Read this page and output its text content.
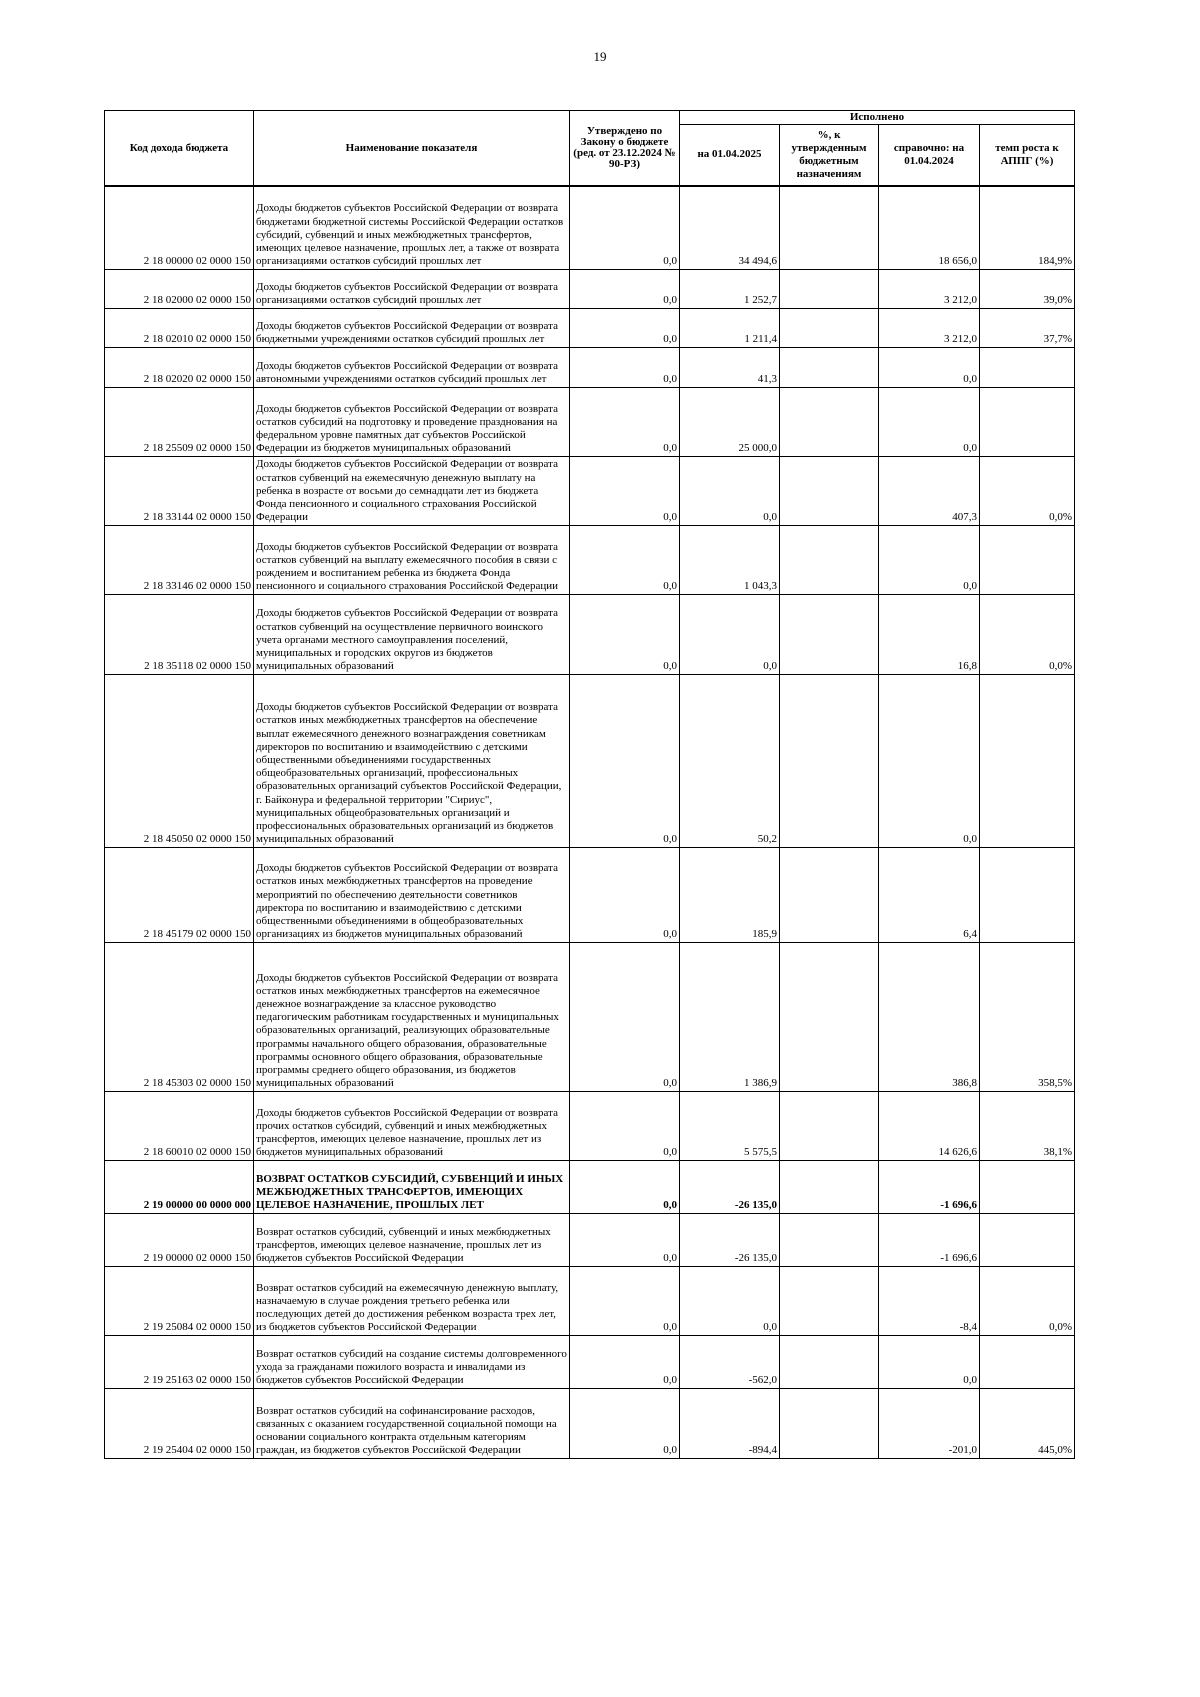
19
Код дохода бюджета	Наименование показателя	Утверждено по Закону о бюджете (ред. от 23.12.2024 № 90-РЗ)	Исполнено			
			на 01.04.2025	%, к утвержденным бюджетным назначениям	справочно: на 01.04.2024	темп роста к АППГ (%)
2 18 00000 02 0000 150	Доходы бюджетов субъектов Российской Федерации от возврата бюджетами бюджетной системы Российской Федерации остатков субсидий, субвенций и иных межбюджетных трансфертов, имеющих целевое назначение, прошлых лет, а также от возврата организациями остатков субсидий прошлых лет	0,0	34 494,6		18 656,0	184,9%
2 18 02000 02 0000 150	Доходы бюджетов субъектов Российской Федерации от возврата организациями остатков субсидий прошлых лет	0,0	1 252,7		3 212,0	39,0%
2 18 02010 02 0000 150	Доходы бюджетов субъектов Российской Федерации от возврата бюджетными учреждениями остатков субсидий прошлых лет	0,0	1 211,4		3 212,0	37,7%
2 18 02020 02 0000 150	Доходы бюджетов субъектов Российской Федерации от возврата автономными учреждениями остатков субсидий прошлых лет	0,0	41,3		0,0	
2 18 25509 02 0000 150	Доходы бюджетов субъектов Российской Федерации от возврата остатков субсидий на подготовку и проведение празднования на федеральном уровне памятных дат субъектов Российской Федерации из бюджетов муниципальных образований	0,0	25 000,0		0,0	
2 18 33144 02 0000 150	Доходы бюджетов субъектов Российской Федерации от возврата остатков субвенций на ежемесячную денежную выплату на ребенка в возрасте от восьми до семнадцати лет из бюджета Фонда пенсионного и социального страхования Российской Федерации	0,0	0,0		407,3	0,0%
2 18 33146 02 0000 150	Доходы бюджетов субъектов Российской Федерации от возврата остатков субвенций на выплату ежемесячного пособия в связи с рождением и воспитанием ребенка из бюджета Фонда пенсионного и социального страхования Российской Федерации	0,0	1 043,3		0,0	
2 18 35118 02 0000 150	Доходы бюджетов субъектов Российской Федерации от возврата остатков субвенций на осуществление первичного воинского учета органами местного самоуправления поселений, муниципальных и городских округов из бюджетов муниципальных образований	0,0	0,0		16,8	0,0%
2 18 45050 02 0000 150	Доходы бюджетов субъектов Российской Федерации от возврата остатков иных межбюджетных трансфертов на обеспечение выплат ежемесячного денежного вознаграждения советникам директоров по воспитанию и взаимодействию с детскими общественными объединениями государственных общеобразовательных организаций, профессиональных образовательных организаций субъектов Российской Федерации, г. Байконура и федеральной территории "Сириус", муниципальных общеобразовательных организаций и профессиональных образовательных организаций из бюджетов муниципальных образований	0,0	50,2		0,0	
2 18 45179 02 0000 150	Доходы бюджетов субъектов Российской Федерации от возврата остатков иных межбюджетных трансфертов на проведение мероприятий по обеспечению деятельности советников директора по воспитанию и взаимодействию с детскими общественными объединениями в общеобразовательных организациях из бюджетов муниципальных образований	0,0	185,9		6,4	
2 18 45303 02 0000 150	Доходы бюджетов субъектов Российской Федерации от возврата остатков иных межбюджетных трансфертов на ежемесячное денежное вознаграждение за классное руководство педагогическим работникам государственных и муниципальных образовательных организаций, реализующих образовательные программы начального общего образования, образовательные программы основного общего образования, образовательные программы среднего общего образования, из бюджетов муниципальных образований	0,0	1 386,9		386,8	358,5%
2 18 60010 02 0000 150	Доходы бюджетов субъектов Российской Федерации от возврата прочих остатков субсидий, субвенций и иных межбюджетных трансфертов, имеющих целевое назначение, прошлых лет из бюджетов муниципальных образований	0,0	5 575,5		14 626,6	38,1%
2 19 00000 00 0000 000	ВОЗВРАТ ОСТАТКОВ СУБСИДИЙ, СУБВЕНЦИЙ И ИНЫХ МЕЖБЮДЖЕТНЫХ ТРАНСФЕРТОВ, ИМЕЮЩИХ ЦЕЛЕВОЕ НАЗНАЧЕНИЕ, ПРОШЛЫХ ЛЕТ	0,0	-26 135,0		-1 696,6	
2 19 00000 02 0000 150	Возврат остатков субсидий, субвенций и иных межбюджетных трансфертов, имеющих целевое назначение, прошлых лет из бюджетов субъектов Российской Федерации	0,0	-26 135,0		-1 696,6	
2 19 25084 02 0000 150	Возврат остатков субсидий на ежемесячную денежную выплату, назначаемую в случае рождения третьего ребенка или последующих детей до достижения ребенком возраста трех лет, из бюджетов субъектов Российской Федерации	0,0	0,0		-8,4	0,0%
2 19 25163 02 0000 150	Возврат остатков субсидий на создание системы долговременного ухода за гражданами пожилого возраста и инвалидами из бюджетов субъектов Российской Федерации	0,0	-562,0		0,0	
2 19 25404 02 0000 150	Возврат остатков субсидий на софинансирование расходов, связанных с оказанием государственной социальной помощи на основании социального контракта отдельным категориям граждан, из бюджетов субъектов Российской Федерации	0,0	-894,4		-201,0	445,0%
